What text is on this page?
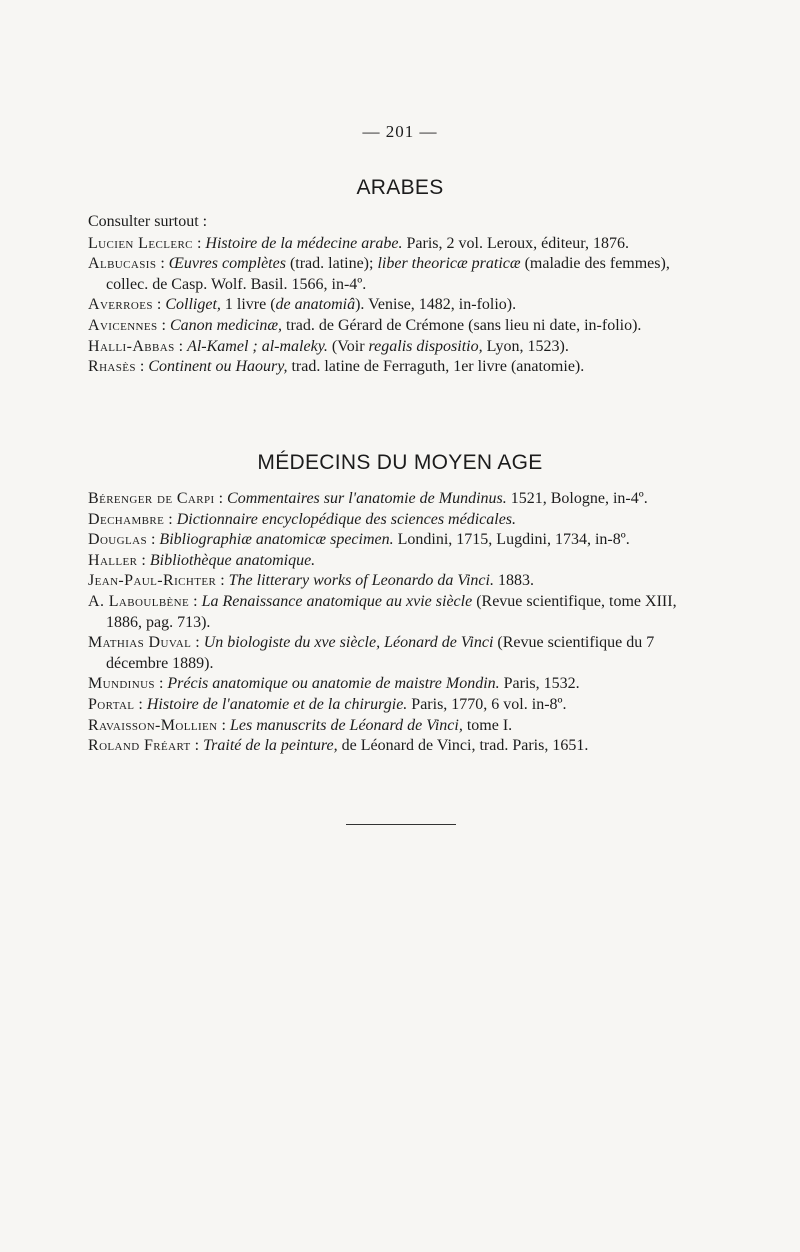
— 201 —
ARABES

Consulter surtout :

Lucien Leclerc : Histoire de la médecine arabe. Paris, 2 vol. Leroux, éditeur, 1876.

Albucasis : Œuvres complètes (trad. latine); liber theoricæ praticæ (maladie des femmes), collec. de Casp. Wolf. Basil. 1566, in-4º.

Averroes : Colliget, 1 livre (de anatomiâ). Venise, 1482, in-folio).

Avicennes : Canon medicinæ, trad. de Gérard de Crémone (sans lieu ni date, in-folio).

Halli-Abbas : Al-Kamel ; al-maleky. (Voir regalis dispositio, Lyon, 1523).

Rhasès : Continent ou Haoury, trad. latine de Ferraguth, 1er livre (anatomie).

MÉDECINS DU MOYEN AGE

Bérenger de Carpi : Commentaires sur l'anatomie de Mundinus. 1521, Bologne, in-4º.

Dechambre : Dictionnaire encyclopédique des sciences médicales.

Douglas : Bibliographiæ anatomicæ specimen. Londini, 1715, Lugdini, 1734, in-8º.

Haller : Bibliothèque anatomique.

Jean-Paul-Richter : The litterary works of Leonardo da Vinci. 1883.

A. Laboulbène : La Renaissance anatomique au xvie siècle (Revue scientifique, tome XIII, 1886, pag. 713).

Mathias Duval : Un biologiste du xve siècle, Léonard de Vinci (Revue scientifique du 7 décembre 1889).

Mundinus : Précis anatomique ou anatomie de maistre Mondin. Paris, 1532.

Portal : Histoire de l'anatomie et de la chirurgie. Paris, 1770, 6 vol. in-8º.

Ravaisson-Mollien : Les manuscrits de Léonard de Vinci, tome I.

Roland Fréart : Traité de la peinture, de Léonard de Vinci, trad. Paris, 1651.
